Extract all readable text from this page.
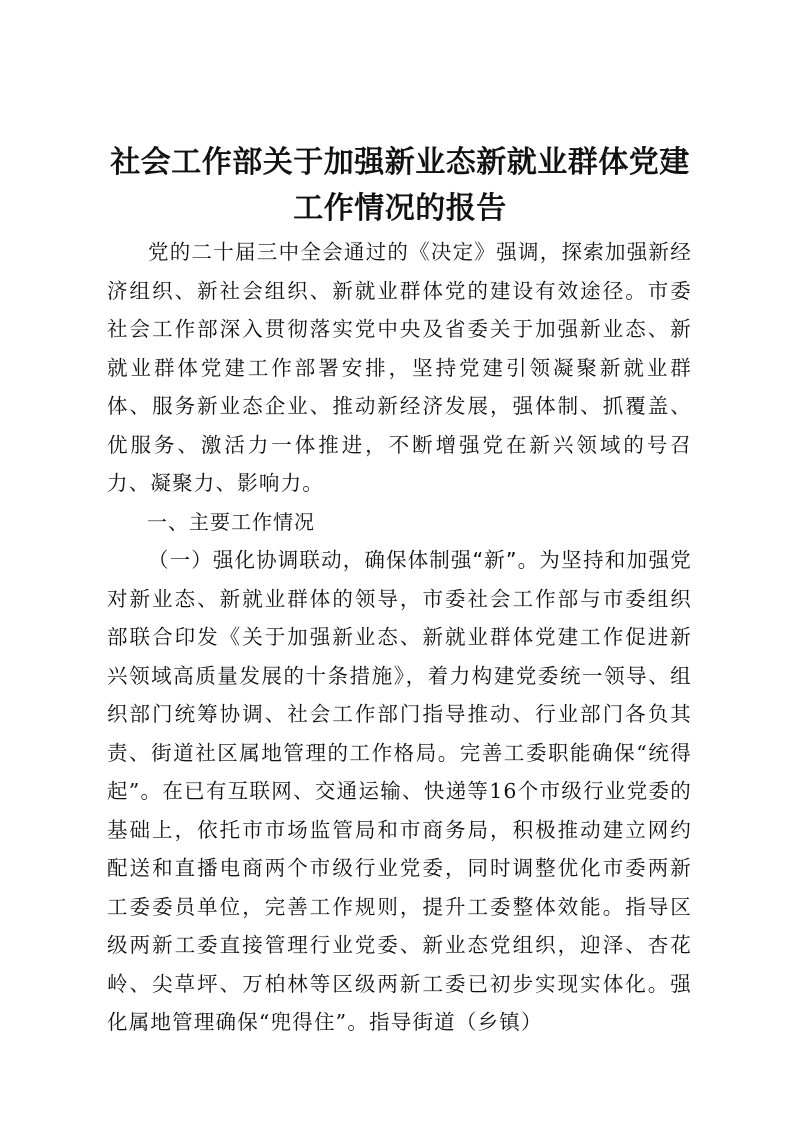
社会工作部关于加强新业态新就业群体党建工作情况的报告

党的二十届三中全会通过的《决定》强调，探索加强新经济组织、新社会组织、新就业群体党的建设有效途径。市委社会工作部深入贯彻落实党中央及省委关于加强新业态、新就业群体党建工作部署安排，坚持党建引领凝聚新就业群体、服务新业态企业、推动新经济发展，强体制、抓覆盖、优服务、激活力一体推进，不断增强党在新兴领域的号召力、凝聚力、影响力。

一、主要工作情况

（一）强化协调联动，确保体制强“新”。为坚持和加强党对新业态、新就业群体的领导，市委社会工作部与市委组织部联合印发《关于加强新业态、新就业群体党建工作促进新兴领域高质量发展的十条措施》，着力构建党委统一领导、组织部门统筹协调、社会工作部门指导推动、行业部门各负其责、街道社区属地管理的工作格局。完善工委职能确保“统得起”。在已有互联网、交通运输、快递等16个市级行业党委的基础上，依托市市场监管局和市商务局，积极推动建立网约配送和直播电商两个市级行业党委，同时调整优化市委两新工委委员单位，完善工作规则，提升工委整体效能。指导区级两新工委直接管理行业党委、新业态党组织，迎泽、杏花岭、尖草坪、万柏林等区级两新工委已初步实现实体化。强化属地管理确保“兜得住”。指导街道（乡镇）
